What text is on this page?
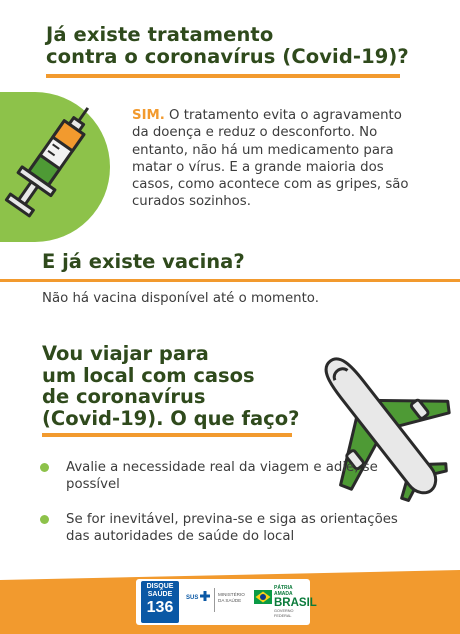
Já existe tratamento
contra o coronavírus (Covid-19)?
SIM. O tratamento evita o agravamento da doença e reduz o desconforto. No entanto, não há um medicamento para matar o vírus. E a grande maioria dos casos, como acontece com as gripes, são curados sozinhos.
E já existe vacina?
Não há vacina disponível até o momento.
Vou viajar para
um local com casos
de coronavírus
(Covid-19). O que faço?
Avalie a necessidade real da viagem e adie, se possível
Se for inevitável, previna-se e siga as orientações das autoridades de saúde do local
DISQUE SAÚDE
136
SUS
MINISTÉRIO DA SAÚDE
PÁTRIA AMADA
BRASIL
GOVERNO FEDERAL
